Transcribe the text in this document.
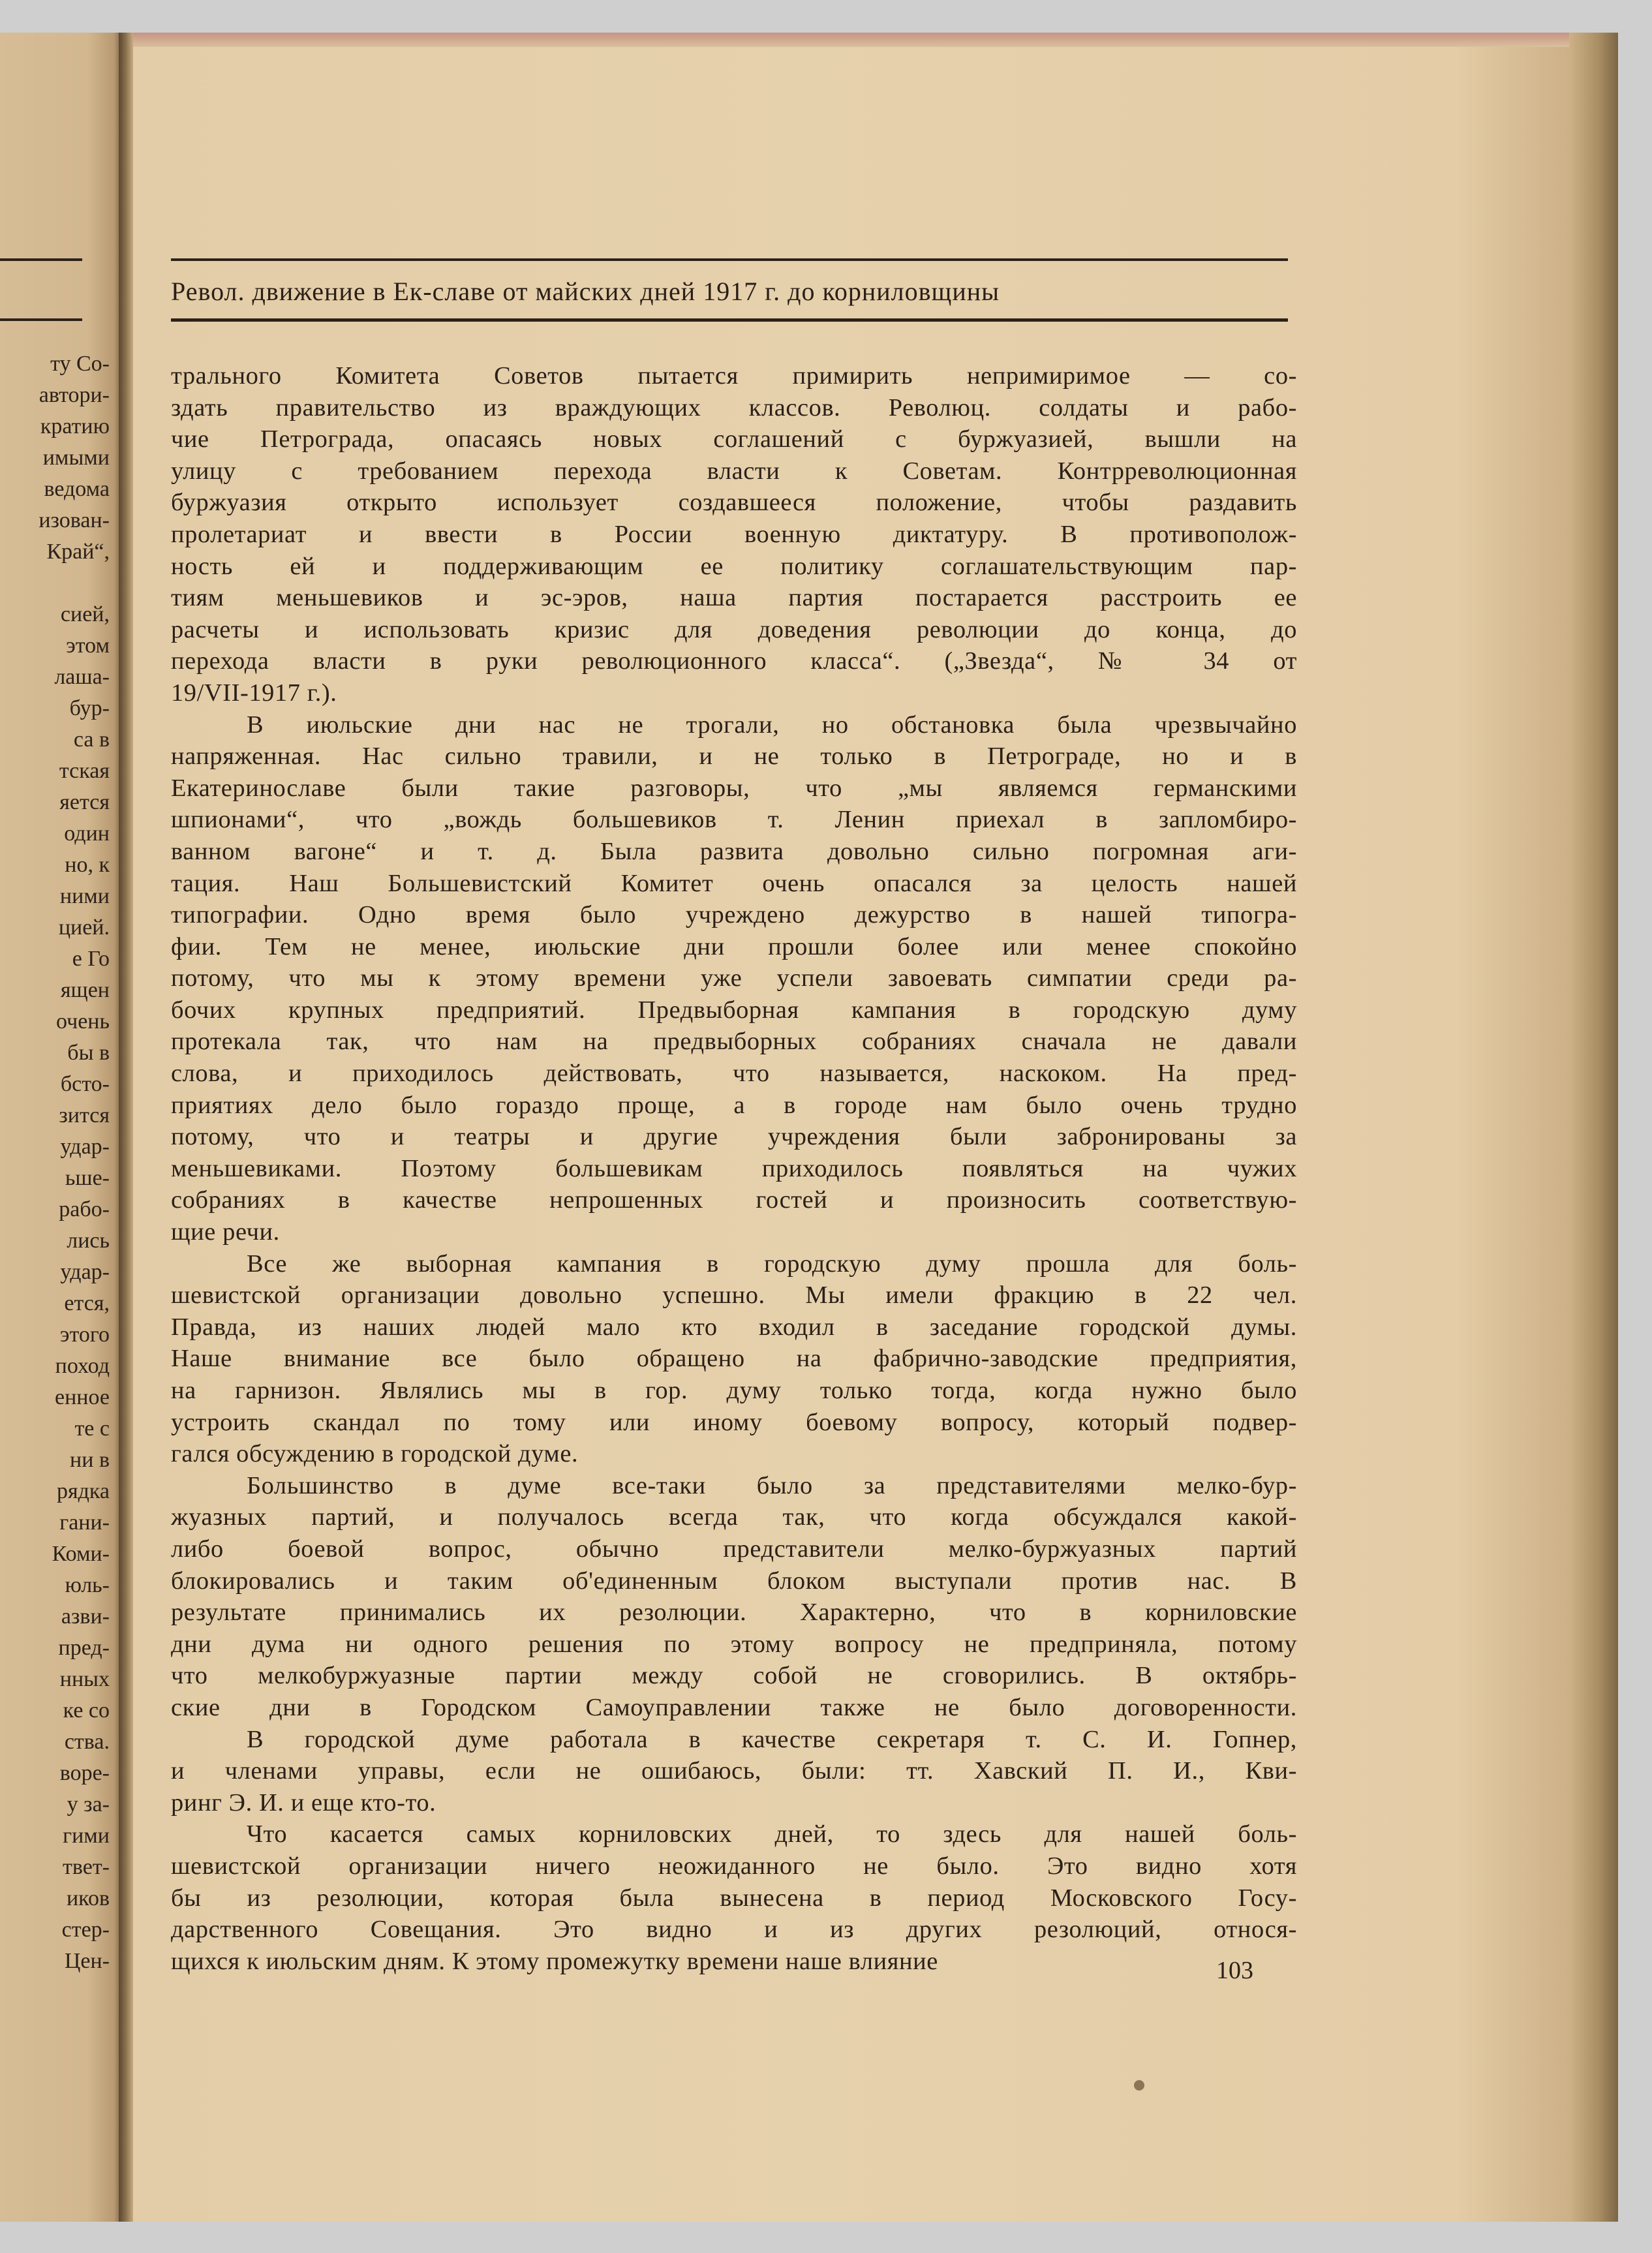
ту Со-
автори-
кратию
имыми
ведома
изован-
Край“,
сией,
этом
лаша-
бур-
са в
тская
яется
один
но, к
ними
цией.
е Го
ящен
очень
бы в
бсто-
зится
удар-
ьше-
рабо-
лись
удар-
ется,
этого
поход
енное
те с
ни в
рядка
гани-
Коми-
юль-
азви-
пред-
нных
ке со
ства.
воре-
у за-
гими
твет-
иков
стер-
Цен-
Револ. движение в Ек-славе от майских дней 1917 г. до корниловщины
трального Комитета Советов пытается примирить непримиримое — со-
здать правительство из враждующих классов. Революц. солдаты и рабо-
чие Петрограда, опасаясь новых соглашений с буржуазией, вышли на
улицу с требованием перехода власти к Советам. Контрреволюционная
буржуазия открыто использует создавшееся положение, чтобы раздавить
пролетариат и ввести в России военную диктатуру. В противополож-
ность ей и поддерживающим ее политику соглашательствующим пар-
тиям меньшевиков и эс-эров, наша партия постарается расстроить ее
расчеты и использовать кризис для доведения революции до конца, до
перехода власти в руки революционного класса“. („Звезда“, № 34 от
19/VII-1917 г.).
В июльские дни нас не трогали, но обстановка была чрезвычайно
напряженная. Нас сильно травили, и не только в Петрограде, но и в
Екатеринославе были такие разговоры, что „мы являемся германскими
шпионами“, что „вождь большевиков т. Ленин приехал в запломбиро-
ванном вагоне“ и т. д. Была развита довольно сильно погромная аги-
тация. Наш Большевистский Комитет очень опасался за целость нашей
типографии. Одно время было учреждено дежурство в нашей типогра-
фии. Тем не менее, июльские дни прошли более или менее спокойно
потому, что мы к этому времени уже успели завоевать симпатии среди ра-
бочих крупных предприятий. Предвыборная кампания в городскую думу
протекала так, что нам на предвыборных собраниях сначала не давали
слова, и приходилось действовать, что называется, наскоком. На пред-
приятиях дело было гораздо проще, а в городе нам было очень трудно
потому, что и театры и другие учреждения были забронированы за
меньшевиками. Поэтому большевикам приходилось появляться на чужих
собраниях в качестве непрошенных гостей и произносить соответствую-
щие речи.
Все же выборная кампания в городскую думу прошла для боль-
шевистской организации довольно успешно. Мы имели фракцию в 22 чел.
Правда, из наших людей мало кто входил в заседание городской думы.
Наше внимание все было обращено на фабрично-заводские предприятия,
на гарнизон. Являлись мы в гор. думу только тогда, когда нужно было
устроить скандал по тому или иному боевому вопросу, который подвер-
гался обсуждению в городской думе.
Большинство в думе все-таки было за представителями мелко-бур-
жуазных партий, и получалось всегда так, что когда обсуждался какой-
либо боевой вопрос, обычно представители мелко-буржуазных партий
блокировались и таким об'единенным блоком выступали против нас. В
результате принимались их резолюции. Характерно, что в корниловские
дни дума ни одного решения по этому вопросу не предприняла, потому
что мелкобуржуазные партии между собой не сговорились. В октябрь-
ские дни в Городском Самоуправлении также не было договоренности.
В городской думе работала в качестве секретаря т. С. И. Гопнер,
и членами управы, если не ошибаюсь, были: тт. Хавский П. И., Кви-
ринг Э. И. и еще кто-то.
Что касается самых корниловских дней, то здесь для нашей боль-
шевистской организации ничего неожиданного не было. Это видно хотя
бы из резолюции, которая была вынесена в период Московского Госу-
дарственного Совещания. Это видно и из других резолюций, относя-
щихся к июльским дням. К этому промежутку времени наше влияние	103
